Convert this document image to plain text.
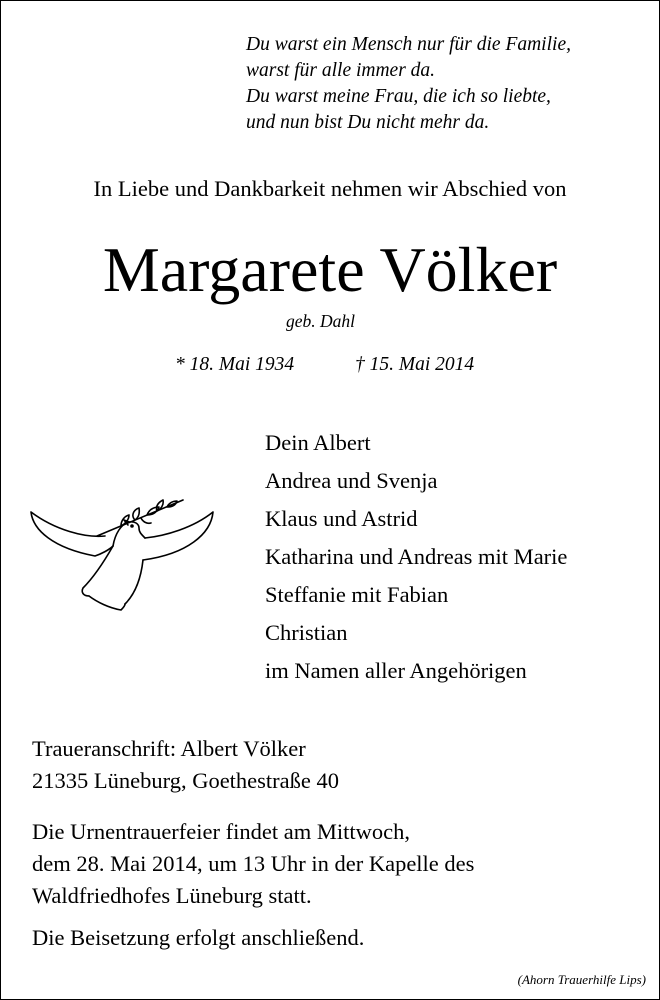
Du warst ein Mensch nur für die Familie,
warst für alle immer da.
Du warst meine Frau, die ich so liebte,
und nun bist Du nicht mehr da.
In Liebe und Dankbarkeit nehmen wir Abschied von
Margarete Völker
geb. Dahl
* 18. Mai 1934	† 15. Mai 2014
Dein Albert
Andrea und Svenja
Klaus und Astrid
Katharina und Andreas mit Marie
Steffanie mit Fabian
Christian
im Namen aller Angehörigen
Traueranschrift: Albert Völker
21335 Lüneburg, Goethestraße 40
Die Urnentrauerfeier findet am Mittwoch,
dem 28. Mai 2014, um 13 Uhr in der Kapelle des
Waldfriedhofes Lüneburg statt.
Die Beisetzung erfolgt anschließend.
(Ahorn Trauerhilfe Lips)
